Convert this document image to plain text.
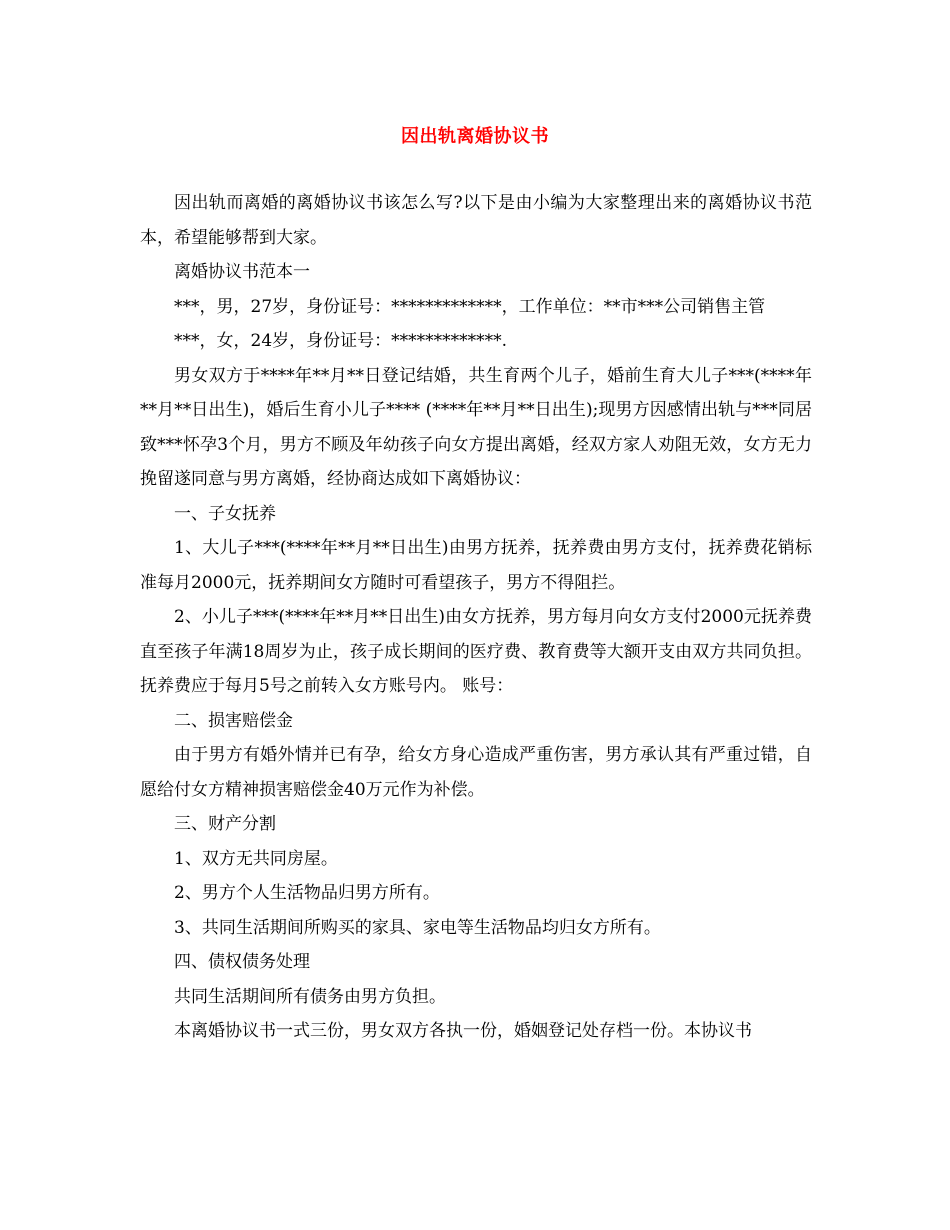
因出轨离婚协议书

因出轨而离婚的离婚协议书该怎么写?以下是由小编为大家整理出来的离婚协议书范本，希望能够帮到大家。

离婚协议书范本一

***，男，27岁，身份证号：*************，工作单位：**市***公司销售主管

***，女，24岁，身份证号：*************.

男女双方于****年**月**日登记结婚，共生育两个儿子，婚前生育大儿子***(****年**月**日出生)，婚后生育小儿子**** (****年**月**日出生);现男方因感情出轨与***同居致***怀孕3个月，男方不顾及年幼孩子向女方提出离婚，经双方家人劝阻无效，女方无力挽留遂同意与男方离婚，经协商达成如下离婚协议：

一、子女抚养

1、大儿子***(****年**月**日出生)由男方抚养，抚养费由男方支付，抚养费花销标准每月2000元，抚养期间女方随时可看望孩子，男方不得阻拦。

2、小儿子***(****年**月**日出生)由女方抚养，男方每月向女方支付2000元抚养费直至孩子年满18周岁为止，孩子成长期间的医疗费、教育费等大额开支由双方共同负担。抚养费应于每月5号之前转入女方账号内。 账号：

二、损害赔偿金

由于男方有婚外情并已有孕，给女方身心造成严重伤害，男方承认其有严重过错，自愿给付女方精神损害赔偿金40万元作为补偿。

三、财产分割

1、双方无共同房屋。

2、男方个人生活物品归男方所有。

3、共同生活期间所购买的家具、家电等生活物品均归女方所有。

四、债权债务处理

共同生活期间所有债务由男方负担。

本离婚协议书一式三份，男女双方各执一份，婚姻登记处存档一份。本协议书
